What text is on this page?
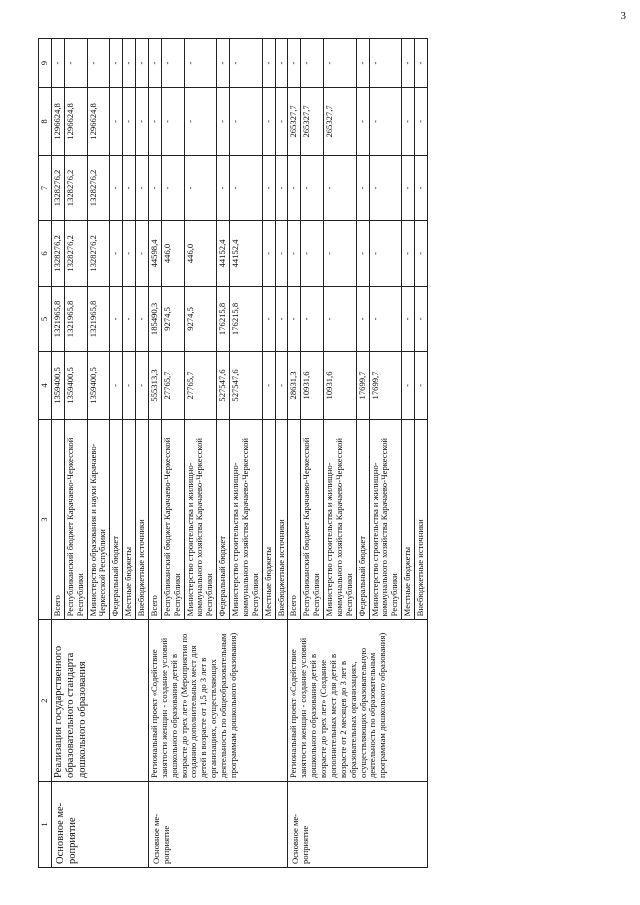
3
1	2	3	4	5	6	7	8	9
Основное ме-роприятие	Реализация государственного образовательного стандарта дошкольного образования	Всего	1359400,5	1321965,8	1328276,2	1328276,2	1296624,8	-
		Республиканский бюджет Карачаево-Черкесской Республики	1359400,5	1321965,8	1328276,2	1328276,2	1296624,8	-
		Министерство образования и науки Карачаево-Черкесской Республики	1359400,5	1321965,8	1328276,2	1328276,2	1296624,8	-
		Федеральный бюджет	-	-	-	-	-	-
		Местные бюджеты	-	-	-	-	-	-
		Внебюджетные источники	-	-	-	-	-	-
Основное ме-роприятие	Региональный проект «Содействие занятости женщин - создание условий дошкольного образования детей в возрасте до трех лет» (Мероприятия по созданию дополнительных мест для детей в возрасте от 1,5 до 3 лет в организациях, осуществляющих деятельность по общеобразовательным программам дошкольного образования)	Всего	555313,3	185490,3	44598,4	-	-	-
		Республиканский бюджет Карачаево-Черкесской Республики	27765,7	9274,5	446,0	-	-	-
		Министерство строительства и жилищно-коммунального хозяйства Карачаево-Черкесской Республики	27765,7	9274,5	446,0	-	-	-
		Федеральный бюджет	527547,6	176215,8	44152,4	-	-	-
		Министерство строительства и жилищно-коммунального хозяйства Карачаево-Черкесской Республики	527547,6	176215,8	44152,4	-	-	-
		Местные бюджеты	-	-	-	-	-	-
		Внебюджетные источники	-	-	-	-	-	-
Основное ме-роприятие	Региональный проект «Содействие занятости женщин - создание условий дошкольного образования детей в возрасте до трех лет» (Создание дополнительных мест для детей в возрасте от 2 месяцев до 3 лет в образовательных организациях, осуществляющих образовательную деятельность по образовательным программам дошкольного образования)	Всего	28631,3	-	-	-	265327,7	-
		Республиканский бюджет Карачаево-Черкесской Республики	10931,6	-	-	-	265327,7	-
		Министерство строительства и жилищно-коммунального хозяйства Карачаево-Черкесской Республики	10931,6	-	-	-	265327,7	-
		Федеральный бюджет	17699,7	-	-	-	-	-
		Министерство строительства и жилищно-коммунального хозяйства Карачаево-Черкесской Республики	17699,7	-	-	-	-	-
		Местные бюджеты	-	-	-	-	-	-
		Внебюджетные источники	-	-	-	-	-	-
